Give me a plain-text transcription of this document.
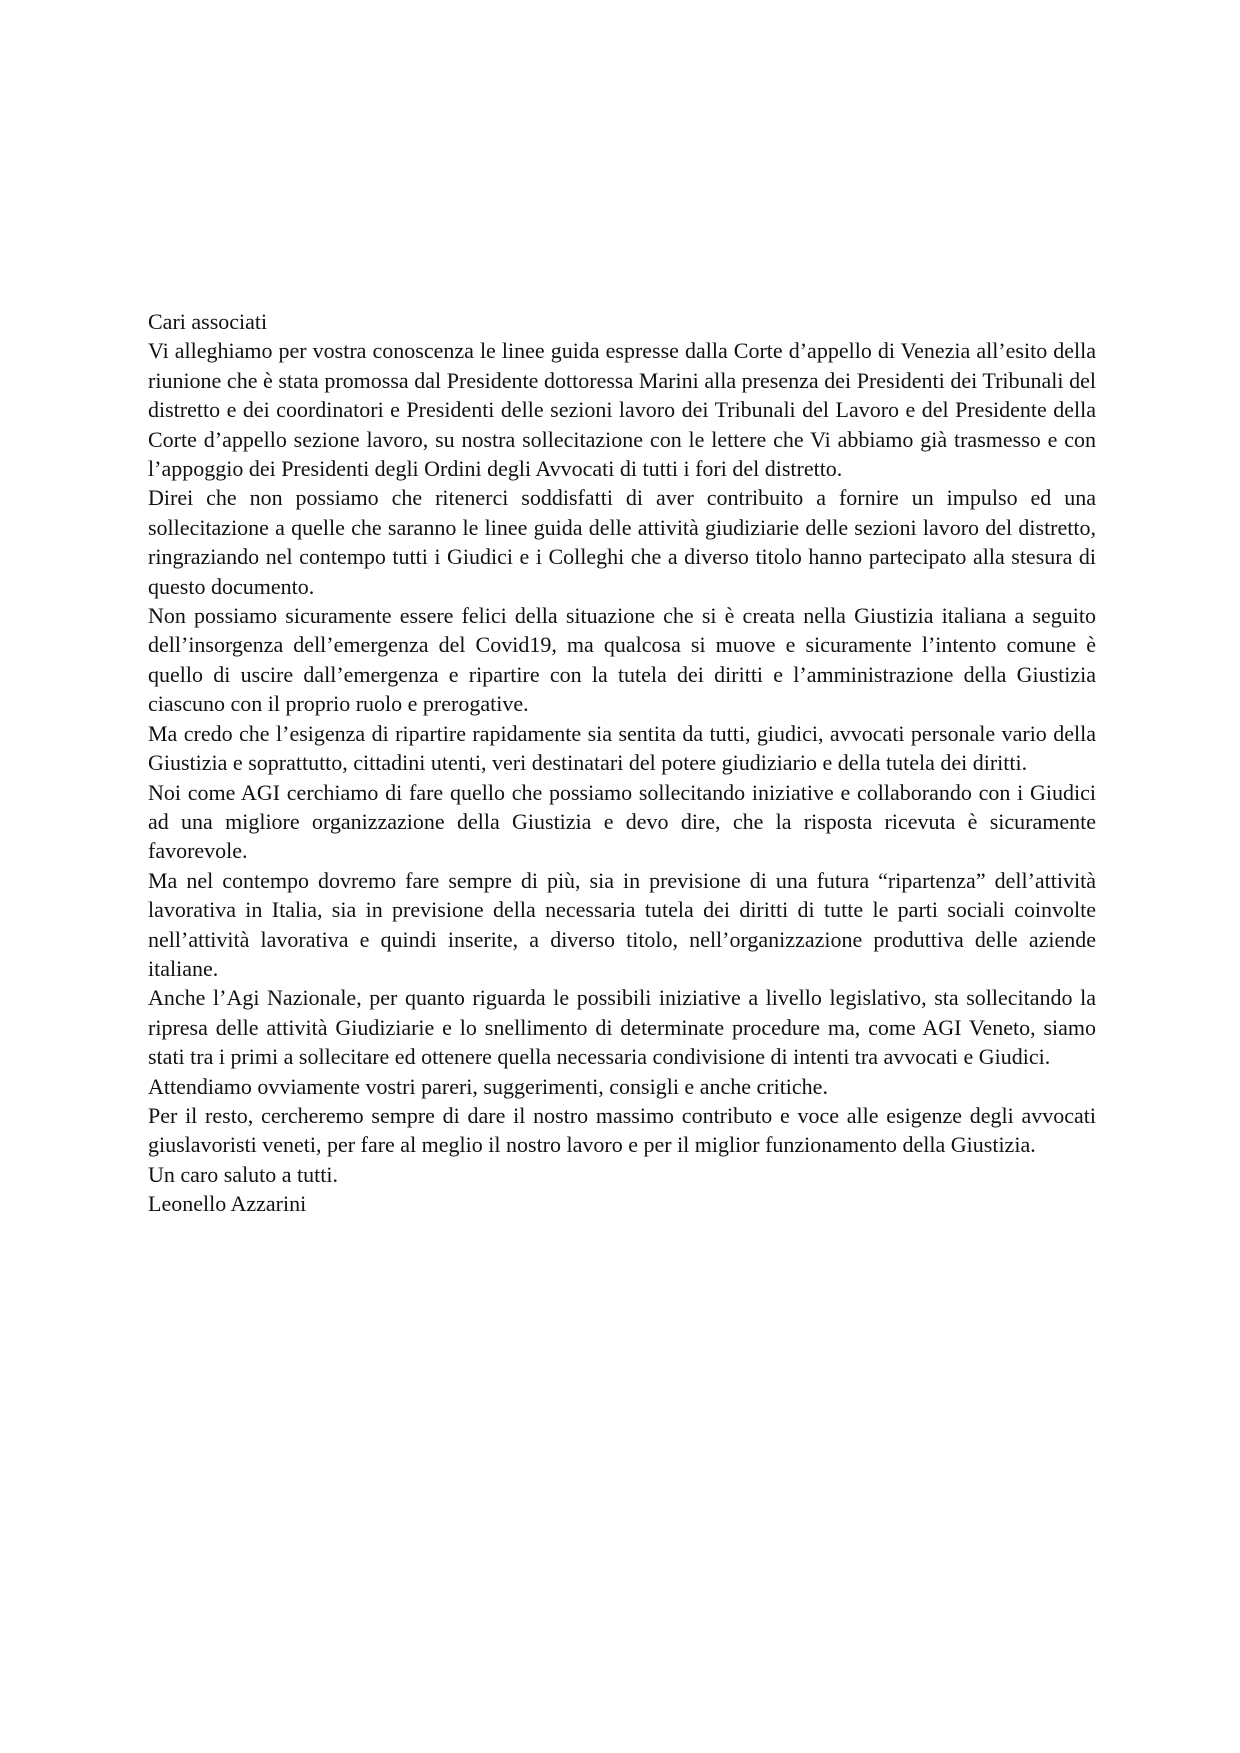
Cari associati

Vi alleghiamo per vostra conoscenza le linee guida espresse dalla Corte d’appello di Venezia all’esito della riunione che è stata promossa dal Presidente dottoressa Marini alla presenza dei Presidenti dei Tribunali del distretto e dei coordinatori e Presidenti delle sezioni lavoro dei Tribunali del Lavoro e del Presidente della Corte d’appello sezione lavoro, su nostra sollecitazione con le lettere che Vi abbiamo già trasmesso e con l’appoggio dei Presidenti degli Ordini degli Avvocati di tutti i fori del distretto.

Direi che non possiamo che ritenerci soddisfatti di aver contribuito a fornire un impulso ed una sollecitazione a quelle che saranno le linee guida delle attività giudiziarie delle sezioni lavoro del distretto, ringraziando nel contempo tutti i Giudici e i Colleghi che a diverso titolo hanno partecipato alla stesura di questo documento.

Non possiamo sicuramente essere felici della situazione che si è creata nella Giustizia italiana a seguito dell’insorgenza dell’emergenza del Covid19, ma qualcosa si muove e sicuramente l’intento comune è quello di uscire dall’emergenza e ripartire con la tutela dei diritti e l’amministrazione della Giustizia ciascuno con il proprio ruolo e prerogative.

Ma credo che l’esigenza di ripartire rapidamente sia sentita da tutti, giudici, avvocati personale vario della Giustizia e soprattutto, cittadini utenti, veri destinatari del potere giudiziario e della tutela dei diritti.

Noi come AGI cerchiamo di fare quello che possiamo sollecitando iniziative e collaborando con i Giudici ad una migliore organizzazione della Giustizia e devo dire, che la risposta ricevuta è sicuramente favorevole.

Ma nel contempo dovremo fare sempre di più, sia in previsione di una futura “ripartenza” dell’attività lavorativa in Italia, sia in previsione della necessaria tutela dei diritti di tutte le parti sociali coinvolte nell’attività lavorativa e quindi inserite, a diverso titolo, nell’organizzazione produttiva delle aziende italiane.

Anche l’Agi Nazionale, per quanto riguarda le possibili iniziative a livello legislativo, sta sollecitando la ripresa delle attività Giudiziarie e lo snellimento di determinate procedure ma, come AGI Veneto, siamo stati tra i primi a sollecitare ed ottenere quella necessaria condivisione di intenti tra avvocati e Giudici.

Attendiamo ovviamente vostri pareri, suggerimenti, consigli e anche critiche.

Per il resto, cercheremo sempre di dare il nostro massimo contributo e voce alle esigenze degli avvocati giuslavoristi veneti, per fare al meglio il nostro lavoro e per il miglior funzionamento della Giustizia.

Un caro saluto a tutti.
Leonello Azzarini
